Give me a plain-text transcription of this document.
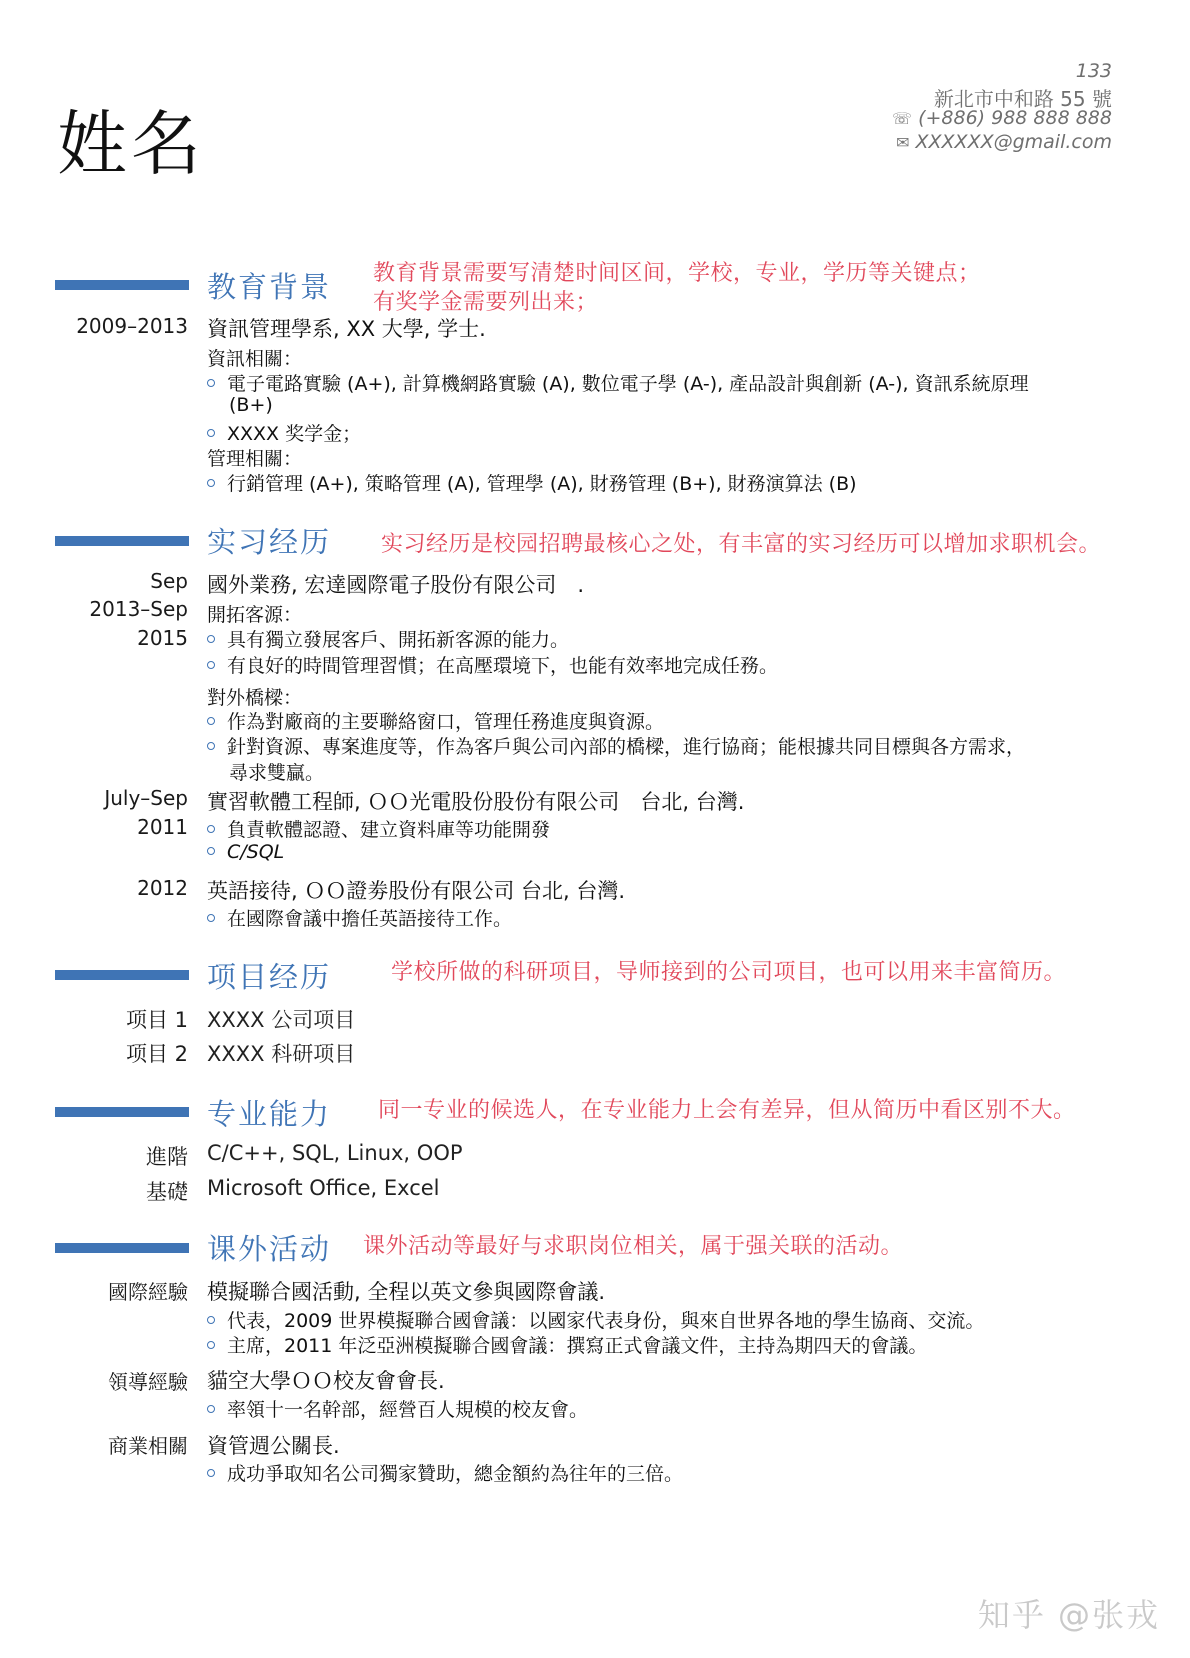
姓名
133
新北市中和路 55 號
☏ (+886) 988 888 888
✉ XXXXXX@gmail.com
教育背景 教育背景需要写清楚时间区间，学校，专业，学历等关键点；
有奖学金需要列出来；
2009–2013 資訊管理學系, XX 大學, 学士.
資訊相關：
電子電路實驗 (A+), 計算機網路實驗 (A), 數位電子學 (A-), 產品設計與創新 (A-), 資訊系統原理
(B+)
XXXX 奖学金；
管理相關：
行銷管理 (A+), 策略管理 (A), 管理學 (A), 財務管理 (B+), 財務演算法 (B)
实习经历 实习经历是校园招聘最核心之处，有丰富的实习经历可以增加求职机会。
Sep
2013–Sep
2015
國外業務, 宏達國際電子股份有限公司　.
開拓客源：
具有獨立發展客戶、開拓新客源的能力。
有良好的時間管理習慣；在高壓環境下，也能有效率地完成任務。
對外橋樑：
作為對廠商的主要聯絡窗口，管理任務進度與資源。
針對資源、專案進度等，作為客戶與公司內部的橋樑，進行協商；能根據共同目標與各方需求，
尋求雙贏。
July–Sep
2011
實習軟體工程師, ＯＯ光電股份股份有限公司　台北, 台灣.
負責軟體認證、建立資料庫等功能開發
C/SQL
2012 英語接待, ＯＯ證劵股份有限公司 台北, 台灣.
在國際會議中擔任英語接待工作。
项目经历	学校所做的科研项目，导师接到的公司项目，也可以用来丰富简历。
项目 1 XXXX 公司项目
项目 2 XXXX 科研项目
专业能力 同一专业的候选人，在专业能力上会有差异，但从简历中看区别不大。
進階 C/C++, SQL, Linux, OOP
基礎 Microsoft Office, Excel
课外活动 课外活动等最好与求职岗位相关，属于强关联的活动。
國際經驗 模擬聯合國活動, 全程以英文參與國際會議.
代表，2009 世界模擬聯合國會議：以國家代表身份，與來自世界各地的學生協商、交流。
主席，2011 年泛亞洲模擬聯合國會議：撰寫正式會議文件，主持為期四天的會議。
領導經驗 貓空大學ＯＯ校友會會長.
率領十一名幹部，經營百人規模的校友會。
商業相關 資管週公關長.
成功爭取知名公司獨家贊助，總金額約為往年的三倍。
知乎 @张戎
